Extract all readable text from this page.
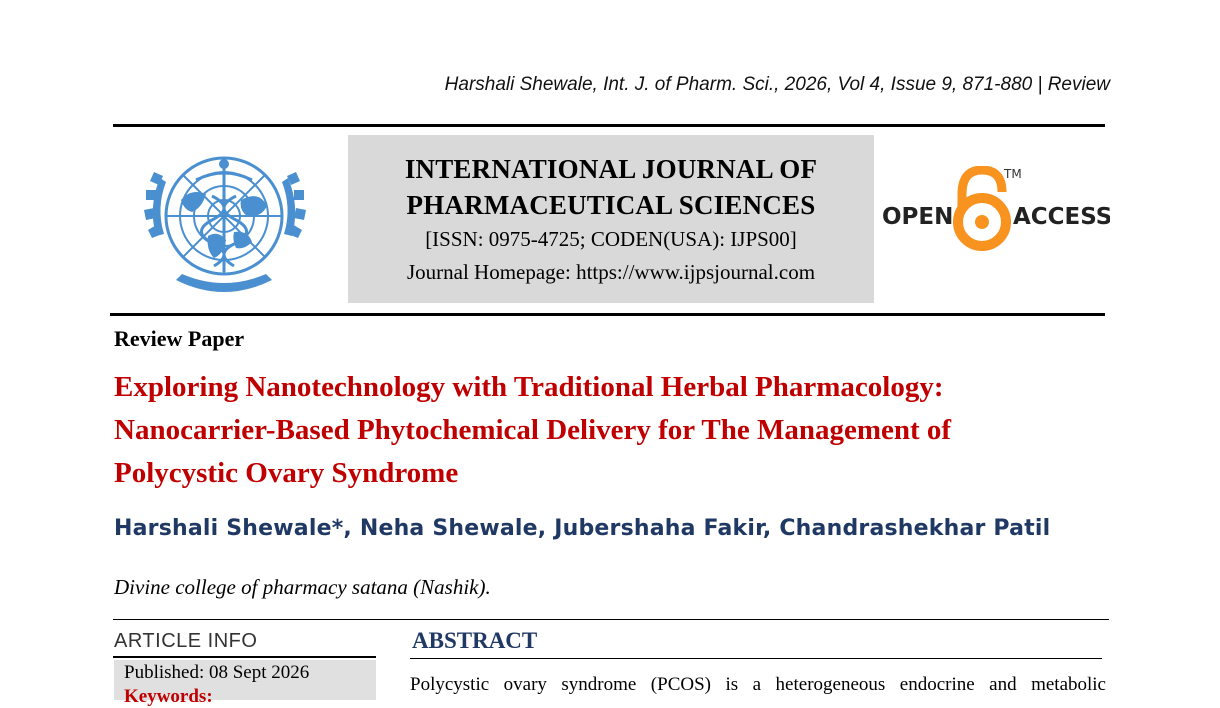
Harshali Shewale, Int. J. of Pharm. Sci., 2026, Vol 4, Issue 9, 871-880 | Review
INTERNATIONAL JOURNAL OF
PHARMACEUTICAL SCIENCES
[ISSN: 0975-4725; CODEN(USA): IJPS00]
Journal Homepage: https://www.ijpsjournal.com
OPEN
TM
ACCESS
Review Paper
Exploring Nanotechnology with Traditional Herbal Pharmacology:
Nanocarrier-Based Phytochemical Delivery for The Management of
Polycystic Ovary Syndrome
Harshali Shewale*, Neha Shewale, Jubershaha Fakir, Chandrashekhar Patil
Divine college of pharmacy satana (Nashik).
ARTICLE INFO
Published: 08 Sept 2026
Keywords:
ABSTRACT
Polycystic ovary syndrome (PCOS) is a heterogeneous endocrine and metabolic
